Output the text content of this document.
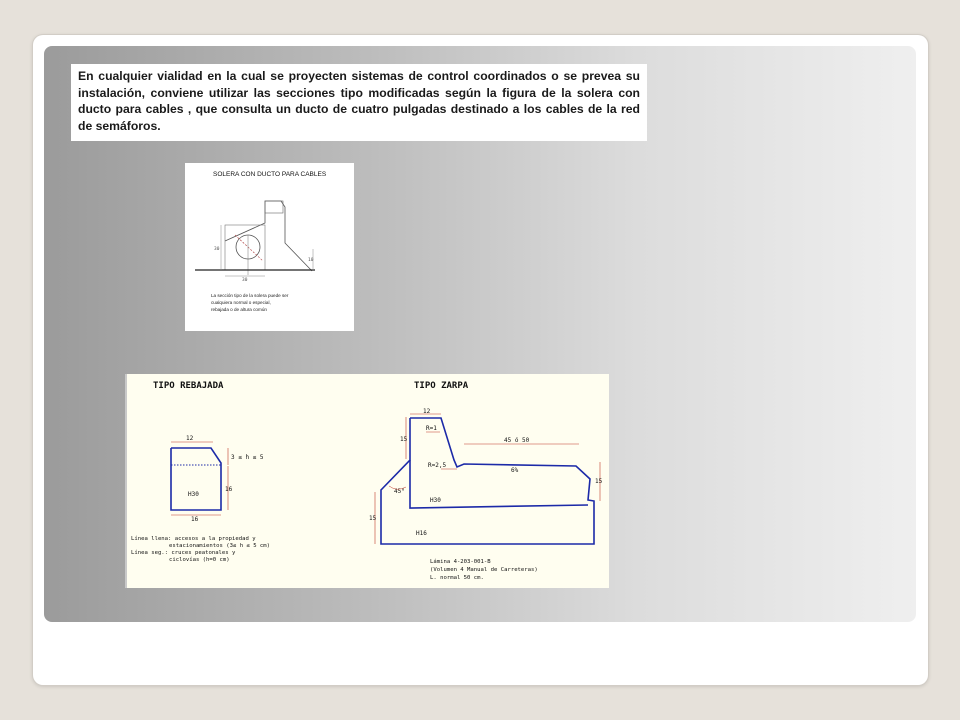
En cualquier vialidad en la cual se proyecten sistemas de control coordinados o se prevea su instalación, conviene utilizar las secciones tipo modificadas según la figura de la solera con ducto para cables , que consulta un ducto de cuatro pulgadas destinado a los cables de la red de semáforos.
SOLERA CON DUCTO PARA CABLES
30
30
10
La sección tipo de la solera puede ser
cualquiera normal o especial,
rebajada o de altura común
TIPO REBAJADA
12
3 ≤ h ≤ 5
16
H30
16
Línea llena: accesos a la propiedad y
estacionamientos (3≤ h ≤ 5 cm)
Línea seg.: cruces peatonales y
ciclovías (h=0 cm)
TIPO ZARPA
12
15
R=1
R=2,5
45 ó 50
6%
15
45°
H30
15
H16
Lámina 4-203-001-B
(Volumen 4 Manual de Carreteras)
L. normal 50 cm.
